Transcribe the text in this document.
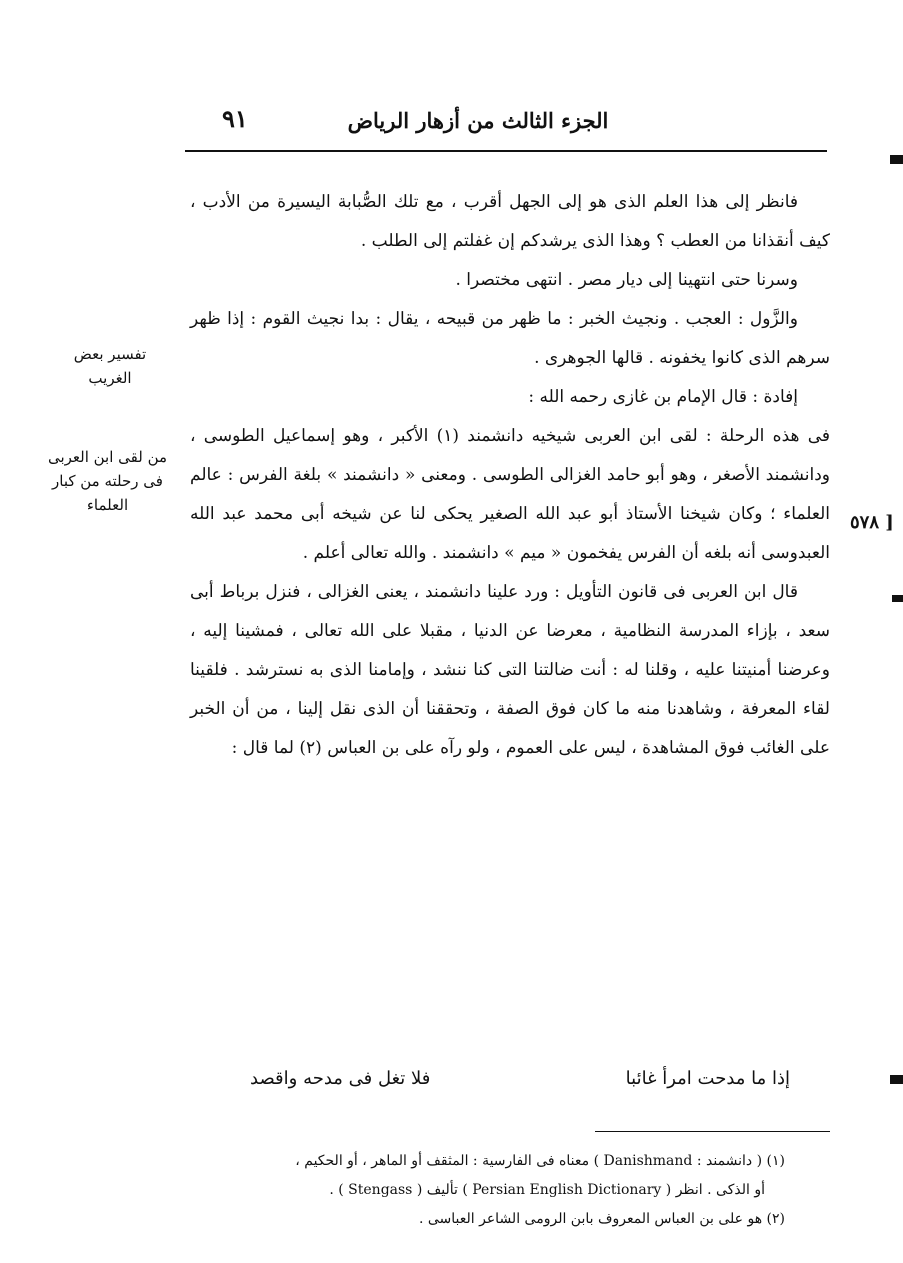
الجزء الثالث من أزهار الرياض
٩١
تفسير بعض الغريب
من لقى ابن العربى فى رحلته من كبار العلماء
٥٧٨ ]

فانظر إلى هذا العلم الذى هو إلى الجهل أقرب ، مع تلك الصُّبابة اليسيرة من الأدب ، كيف أنقذانا من العطب ؟ وهذا الذى يرشدكم إن غفلتم إلى الطلب .

وسرنا حتى انتهينا إلى ديار مصر . انتهى مختصرا .

والزَّول : العجب . ونجيث الخبر : ما ظهر من قبيحه ، يقال : بدا نجيث القوم : إذا ظهر سرهم الذى كانوا يخفونه . قالها الجوهرى .

إفادة : قال الإمام بن غازى رحمه الله :

فى هذه الرحلة : لقى ابن العربى شيخيه دانشمند (١) الأكبر ، وهو إسماعيل الطوسى ، ودانشمند الأصغر ، وهو أبو حامد الغزالى الطوسى . ومعنى « دانشمند » بلغة الفرس : عالم العلماء ؛ وكان شيخنا الأستاذ أبو عبد الله الصغير يحكى لنا عن شيخه أبى محمد عبد الله العبدوسى أنه بلغه أن الفرس يفخمون « ميم » دانشمند . والله تعالى أعلم .

قال ابن العربى فى قانون التأويل : ورد علينا دانشمند ، يعنى الغزالى ، فنزل برباط أبى سعد ، بإزاء المدرسة النظامية ، معرضا عن الدنيا ، مقبلا على الله تعالى ، فمشينا إليه ، وعرضنا أمنيتنا عليه ، وقلنا له : أنت ضالتنا التى كنا ننشد ، وإمامنا الذى به نسترشد . فلقينا لقاء المعرفة ، وشاهدنا منه ما كان فوق الصفة ، وتحققنا أن الذى نقل إلينا ، من أن الخبر على الغائب فوق المشاهدة ، ليس على العموم ، ولو رآه على بن العباس (٢) لما قال :

إذا ما مدحت امرأ غائبا
فلا تغل فى مدحه واقصد

(١) ( دانشمند : Danishmand ) معناه فى الفارسية : المثقف أو الماهر ، أو الحكيم ،

أو الذكى . انظر ( Persian English Dictionary ) تأليف ( Stengass ) .

(٢) هو على بن العباس المعروف بابن الرومى الشاعر العباسى .
